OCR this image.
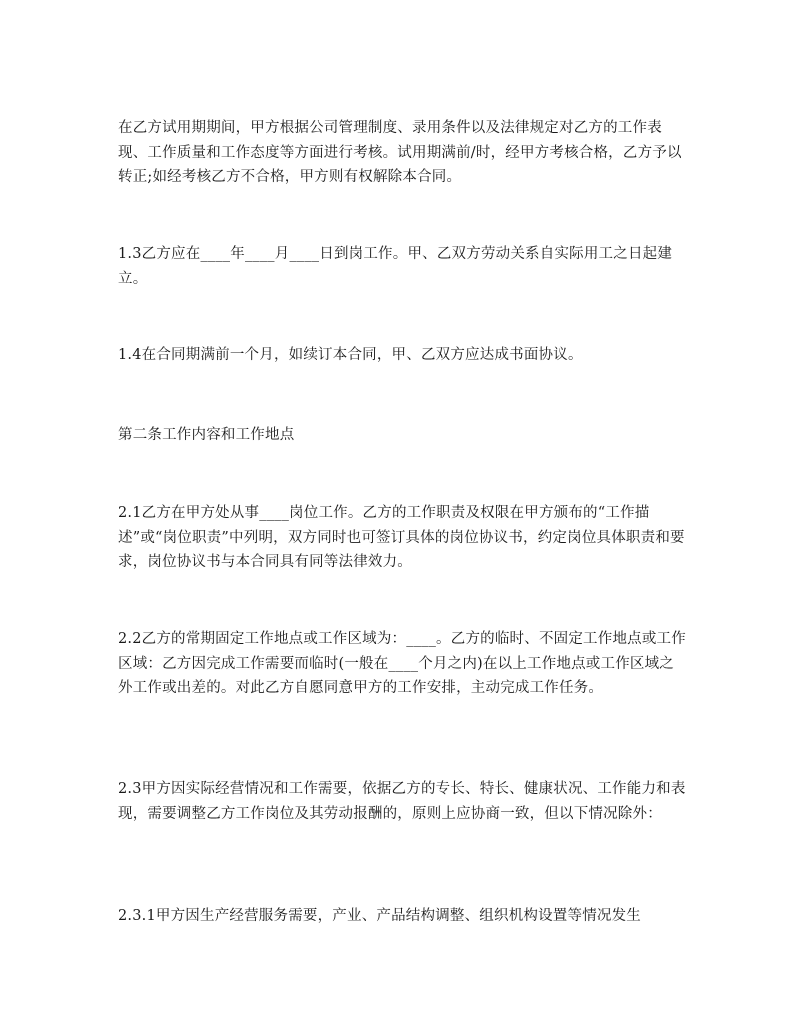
在乙方试用期期间，甲方根据公司管理制度、录用条件以及法律规定对乙方的工作表现、工作质量和工作态度等方面进行考核。试用期满前/时，经甲方考核合格，乙方予以转正;如经考核乙方不合格，甲方则有权解除本合同。

1.3乙方应在____年____月____日到岗工作。甲、乙双方劳动关系自实际用工之日起建立。

1.4在合同期满前一个月，如续订本合同，甲、乙双方应达成书面协议。

第二条工作内容和工作地点

2.1乙方在甲方处从事____岗位工作。乙方的工作职责及权限在甲方颁布的“工作描述”或“岗位职责”中列明，双方同时也可签订具体的岗位协议书，约定岗位具体职责和要求，岗位协议书与本合同具有同等法律效力。

2.2乙方的常期固定工作地点或工作区域为：____。乙方的临时、不固定工作地点或工作区域：乙方因完成工作需要而临时(一般在____个月之内)在以上工作地点或工作区域之外工作或出差的。对此乙方自愿同意甲方的工作安排，主动完成工作任务。

2.3甲方因实际经营情况和工作需要，依据乙方的专长、特长、健康状况、工作能力和表现，需要调整乙方工作岗位及其劳动报酬的，原则上应协商一致，但以下情况除外：

2.3.1甲方因生产经营服务需要，产业、产品结构调整、组织机构设置等情况发生
